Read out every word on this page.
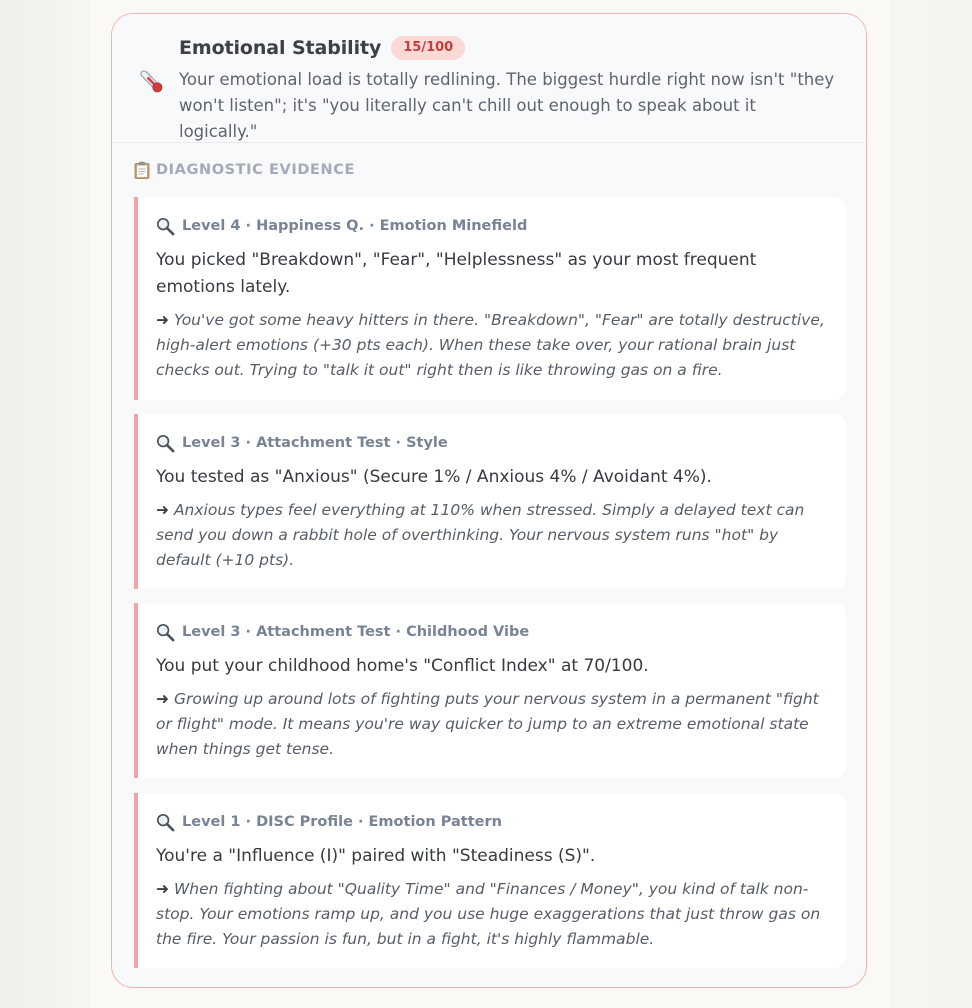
Emotional Stability	15/100
Your emotional load is totally redlining. The biggest hurdle right now isn't "they won't listen"; it's "you literally can't chill out enough to speak about it logically."
DIAGNOSTIC EVIDENCE
Level 4 · Happiness Q. · Emotion Minefield
You picked "Breakdown", "Fear", "Helplessness" as your most frequent emotions lately.
➜ You've got some heavy hitters in there. "Breakdown", "Fear" are totally destructive, high-alert emotions (+30 pts each). When these take over, your rational brain just checks out. Trying to "talk it out" right then is like throwing gas on a fire.
Level 3 · Attachment Test · Style
You tested as "Anxious" (Secure 1% / Anxious 4% / Avoidant 4%).
➜ Anxious types feel everything at 110% when stressed. Simply a delayed text can send you down a rabbit hole of overthinking. Your nervous system runs "hot" by default (+10 pts).
Level 3 · Attachment Test · Childhood Vibe
You put your childhood home's "Conflict Index" at 70/100.
➜ Growing up around lots of fighting puts your nervous system in a permanent "fight or flight" mode. It means you're way quicker to jump to an extreme emotional state when things get tense.
Level 1 · DISC Profile · Emotion Pattern
You're a "Influence (I)" paired with "Steadiness (S)".
➜ When fighting about "Quality Time" and "Finances / Money", you kind of talk non-stop. Your emotions ramp up, and you use huge exaggerations that just throw gas on the fire. Your passion is fun, but in a fight, it's highly flammable.
